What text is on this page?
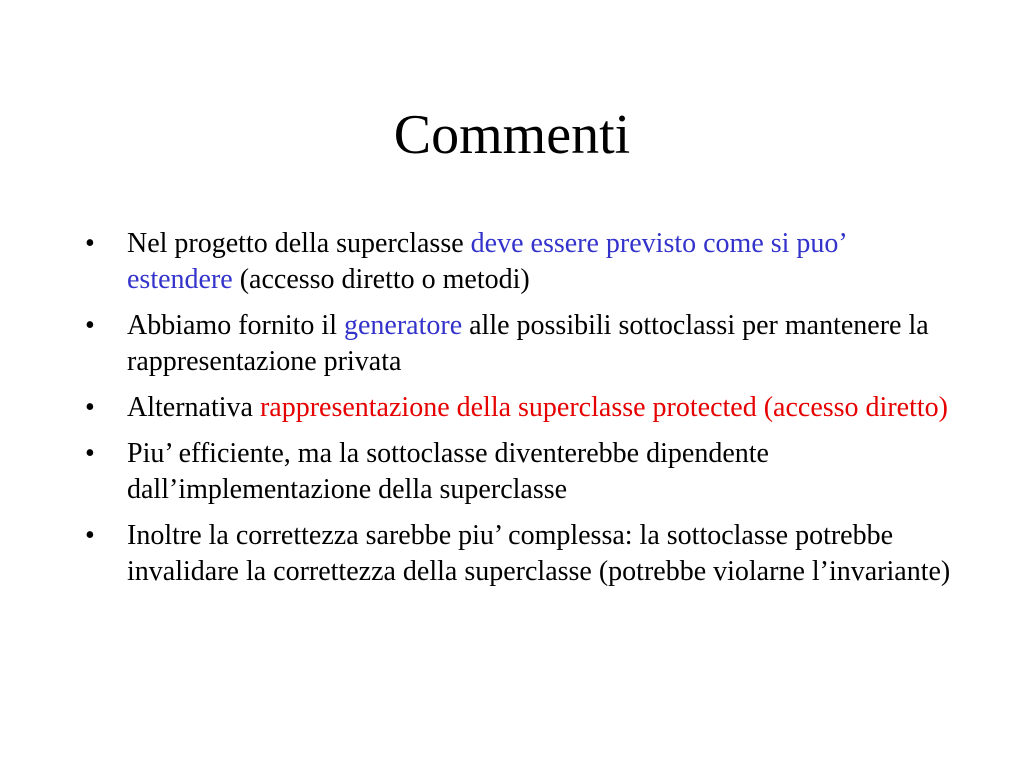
Commenti
•	Nel progetto della superclasse deve essere previsto come si puo’ estendere (accesso diretto o metodi)
•	Abbiamo fornito il generatore alle possibili sottoclassi per mantenere la rappresentazione privata
•	Alternativa rappresentazione della superclasse protected (accesso diretto)
•	Piu’ efficiente, ma la sottoclasse diventerebbe dipendente dall’implementazione della superclasse
•	Inoltre la correttezza sarebbe piu’ complessa: la sottoclasse potrebbe invalidare la correttezza della superclasse (potrebbe violarne l’invariante)
